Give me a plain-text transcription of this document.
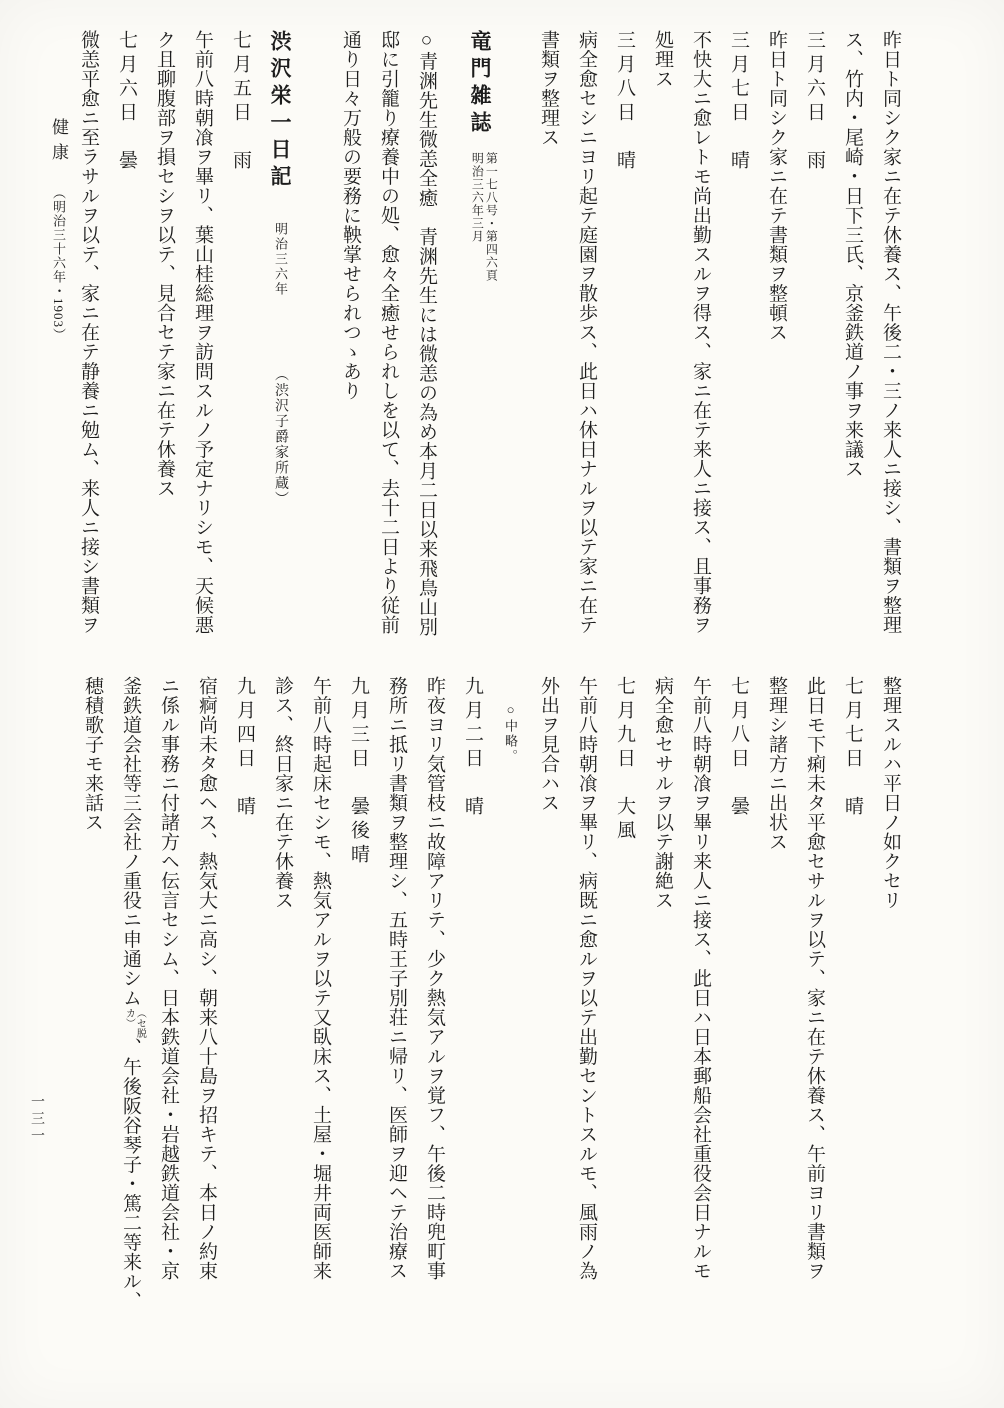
昨日ト同シク家ニ在テ休養ス、午後二・三ノ来人ニ接シ、書類ヲ整理
ス、竹内・尾崎・日下三氏、京釜鉄道ノ事ヲ来議ス
三月六日　雨
昨日ト同シク家ニ在テ書類ヲ整頓ス
三月七日　晴
不快大ニ愈レトモ尚出勤スルヲ得ス、家ニ在テ来人ニ接ス、且事務ヲ
処理ス
三月八日　晴
病全愈セシニヨリ起テ庭園ヲ散歩ス、此日ハ休日ナルヲ以テ家ニ在テ
書類ヲ整理ス
竜門雑誌
第一七八号・第四六頁
明治三六年三月
○青渊先生微恙全癒　青渊先生には微恙の為め本月二日以来飛鳥山別
邸に引籠り療養中の処、愈々全癒せられしを以て、去十二日より従前
通り日々万般の要務に鞅掌せられつゝあり
渋沢栄一日記明治三六年（渋沢子爵家所蔵）
七月五日　雨
午前八時朝飡ヲ畢リ、葉山桂総理ヲ訪問スルノ予定ナリシモ、天候悪
ク且聊腹部ヲ損セシヲ以テ、見合セテ家ニ在テ休養ス
七月六日　曇
微恙平愈ニ至ラサルヲ以テ、家ニ在テ静養ニ勉ム、来人ニ接シ書類ヲ
整理スルハ平日ノ如クセリ
七月七日　晴
此日モ下痢未タ平愈セサルヲ以テ、家ニ在テ休養ス、午前ヨリ書類ヲ
整理シ諸方ニ出状ス
七月八日　曇
午前八時朝飡ヲ畢リ来人ニ接ス、此日ハ日本郵船会社重役会日ナルモ
病全愈セサルヲ以テ謝絶ス
七月九日　大風
午前八時朝飡ヲ畢リ、病既ニ愈ルヲ以テ出勤セントスルモ、風雨ノ為
外出ヲ見合ハス
○中略。
九月二日　晴
昨夜ヨリ気管枝ニ故障アリテ、少ク熱気アルヲ覚フ、午後二時兜町事
務所ニ抵リ書類ヲ整理シ、五時王子別荘ニ帰リ、医師ヲ迎ヘテ治療ス
九月三日　曇後晴
午前八時起床セシモ、熱気アルヲ以テ又臥床ス、土屋・堀井両医師来
診ス、終日家ニ在テ休養ス
九月四日　晴
宿痾尚未タ愈ヘス、熱気大ニ高シ、朝来八十島ヲ招キテ、本日ノ約束
ニ係ル事務ニ付諸方ヘ伝言セシム、日本鉄道会社・岩越鉄道会社・京
釜鉄道会社等三会社ノ重役ニ申通シム
（セ脱
カ）
、午後阪谷琴子・篤二等来ル、
穂積歌子モ来話ス
健康 （明治三十六年・1903）
一三一
